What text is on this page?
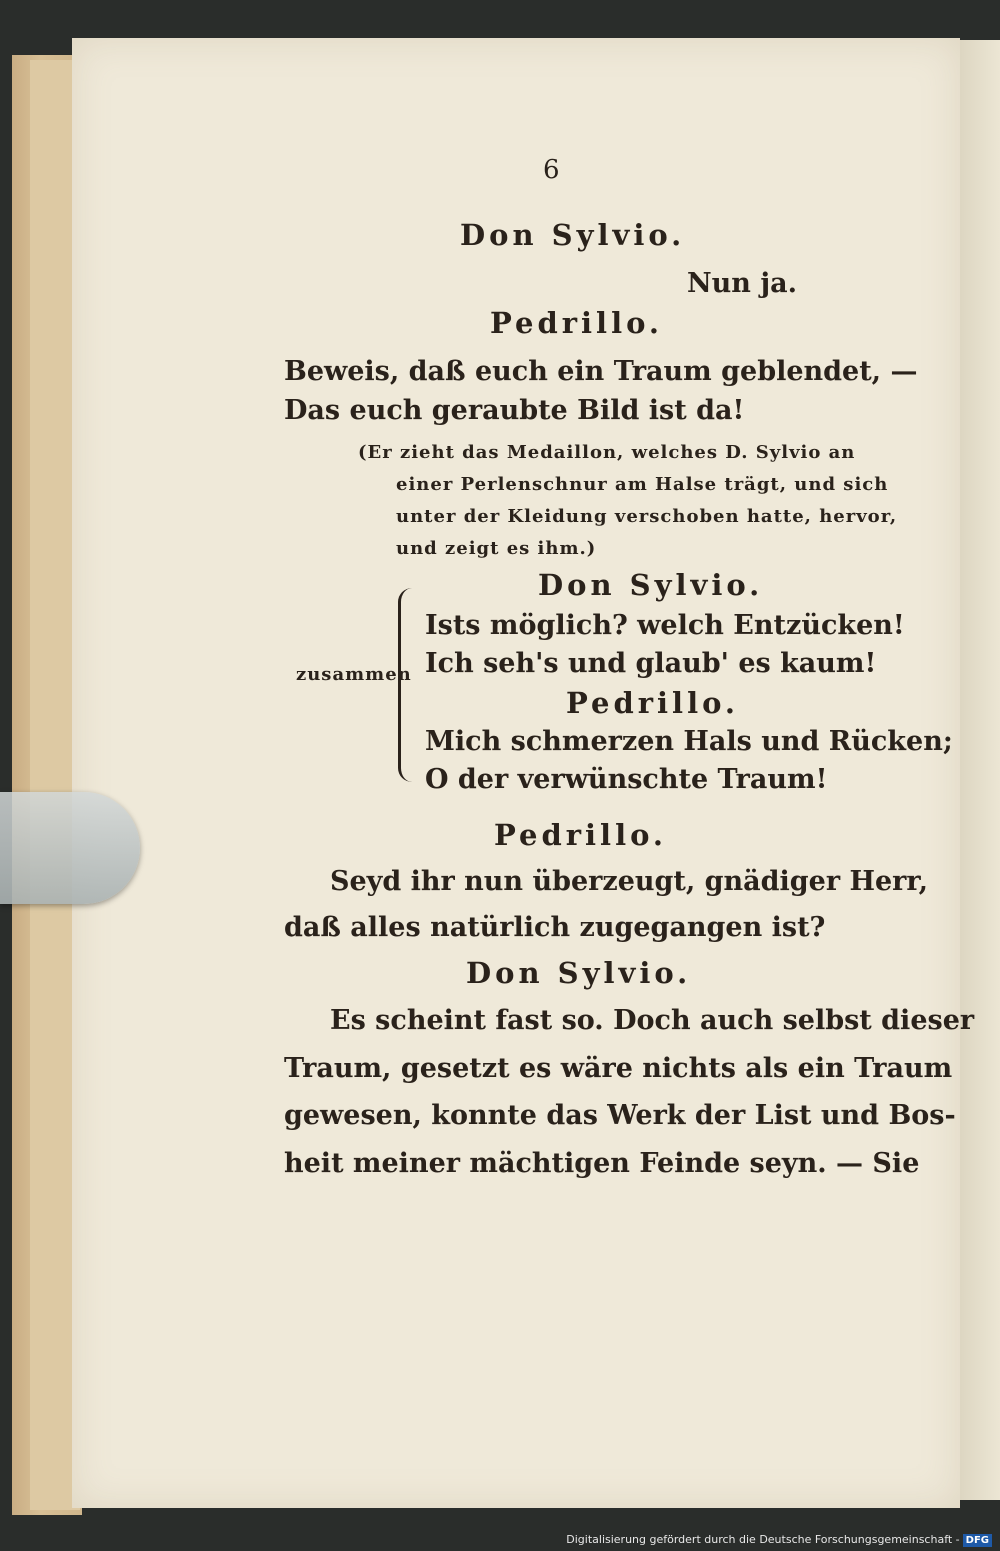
6
Don Sylvio.
Nun ja.
Pedrillo.
Beweis, daß euch ein Traum geblendet, —
Das euch geraubte Bild ist da!
(Er zieht das Medaillon, welches D. Sylvio an
einer Perlenschnur am Halse trägt, und sich
unter der Kleidung verschoben hatte, hervor,
und zeigt es ihm.)
Don Sylvio.
Ists möglich? welch Entzücken!
Ich seh's und glaub' es kaum!
Pedrillo.
Mich schmerzen Hals und Rücken;
O der verwünschte Traum!
Pedrillo.
Seyd ihr nun überzeugt, gnädiger Herr,
daß alles natürlich zugegangen ist?
Don Sylvio.
Es scheint fast so. Doch auch selbst dieser
Traum, gesetzt es wäre nichts als ein Traum
gewesen, konnte das Werk der List und Bos-
heit meiner mächtigen Feinde seyn. — Sie
zusammen
Digitalisierung gefördert durch die Deutsche Forschungsgemeinschaft - DFG
